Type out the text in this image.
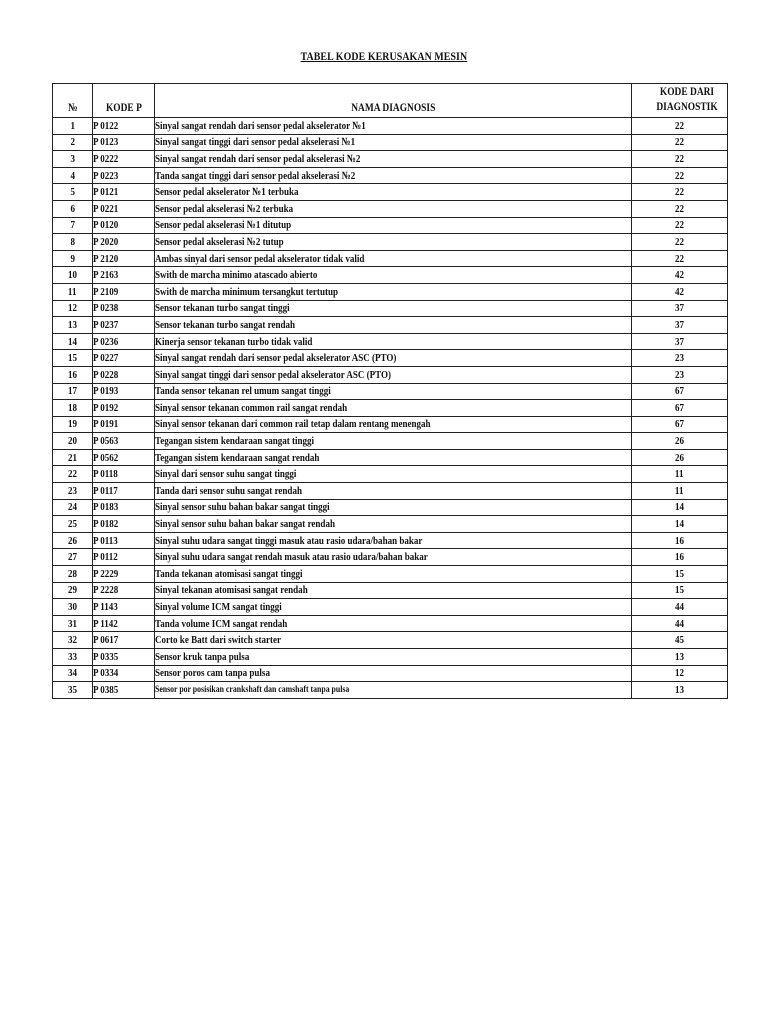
TABEL KODE KERUSAKAN MESIN
№	KODE P	NAMA DIAGNOSIS	KODE DARI DIAGNOSTIK
1	P 0122	Sinyal sangat rendah dari sensor pedal akselerator №1	22
2	P 0123	Sinyal sangat tinggi dari sensor pedal akselerasi №1	22
3	P 0222	Sinyal sangat rendah dari sensor pedal akselerasi №2	22
4	P 0223	Tanda sangat tinggi dari sensor pedal akselerasi №2	22
5	P 0121	Sensor pedal akselerator №1 terbuka	22
6	P 0221	Sensor pedal akselerasi №2 terbuka	22
7	P 0120	Sensor pedal akselerasi №1 ditutup	22
8	P 2020	Sensor pedal akselerasi №2 tutup	22
9	P 2120	Ambas sinyal dari sensor pedal akselerator tidak valid	22
10	P 2163	Swith de marcha minimo atascado abierto	42
11	P 2109	Swith de marcha minimum tersangkut tertutup	42
12	P 0238	Sensor tekanan turbo sangat tinggi	37
13	P 0237	Sensor tekanan turbo sangat rendah	37
14	P 0236	Kinerja sensor tekanan turbo tidak valid	37
15	P 0227	Sinyal sangat rendah dari sensor pedal akselerator ASC (PTO)	23
16	P 0228	Sinyal sangat tinggi dari sensor pedal akselerator ASC (PTO)	23
17	P 0193	Tanda sensor tekanan rel umum sangat tinggi	67
18	P 0192	Sinyal sensor tekanan common rail sangat rendah	67
19	P 0191	Sinyal sensor tekanan dari common rail tetap dalam rentang menengah	67
20	P 0563	Tegangan sistem kendaraan sangat tinggi	26
21	P 0562	Tegangan sistem kendaraan sangat rendah	26
22	P 0118	Sinyal dari sensor suhu sangat tinggi	11
23	P 0117	Tanda dari sensor suhu sangat rendah	11
24	P 0183	Sinyal sensor suhu bahan bakar sangat tinggi	14
25	P 0182	Sinyal sensor suhu bahan bakar sangat rendah	14
26	P 0113	Sinyal suhu udara sangat tinggi masuk atau rasio udara/bahan bakar	16
27	P 0112	Sinyal suhu udara sangat rendah masuk atau rasio udara/bahan bakar	16
28	P 2229	Tanda tekanan atomisasi sangat tinggi	15
29	P 2228	Sinyal tekanan atomisasi sangat rendah	15
30	P 1143	Sinyal volume ICM sangat tinggi	44
31	P 1142	Tanda volume ICM sangat rendah	44
32	P 0617	Corto ke Batt dari switch starter	45
33	P 0335	Sensor kruk tanpa pulsa	13
34	P 0334	Sensor poros cam tanpa pulsa	12
35	P 0385	Sensor por posisikan crankshaft dan camshaft tanpa pulsa	13
